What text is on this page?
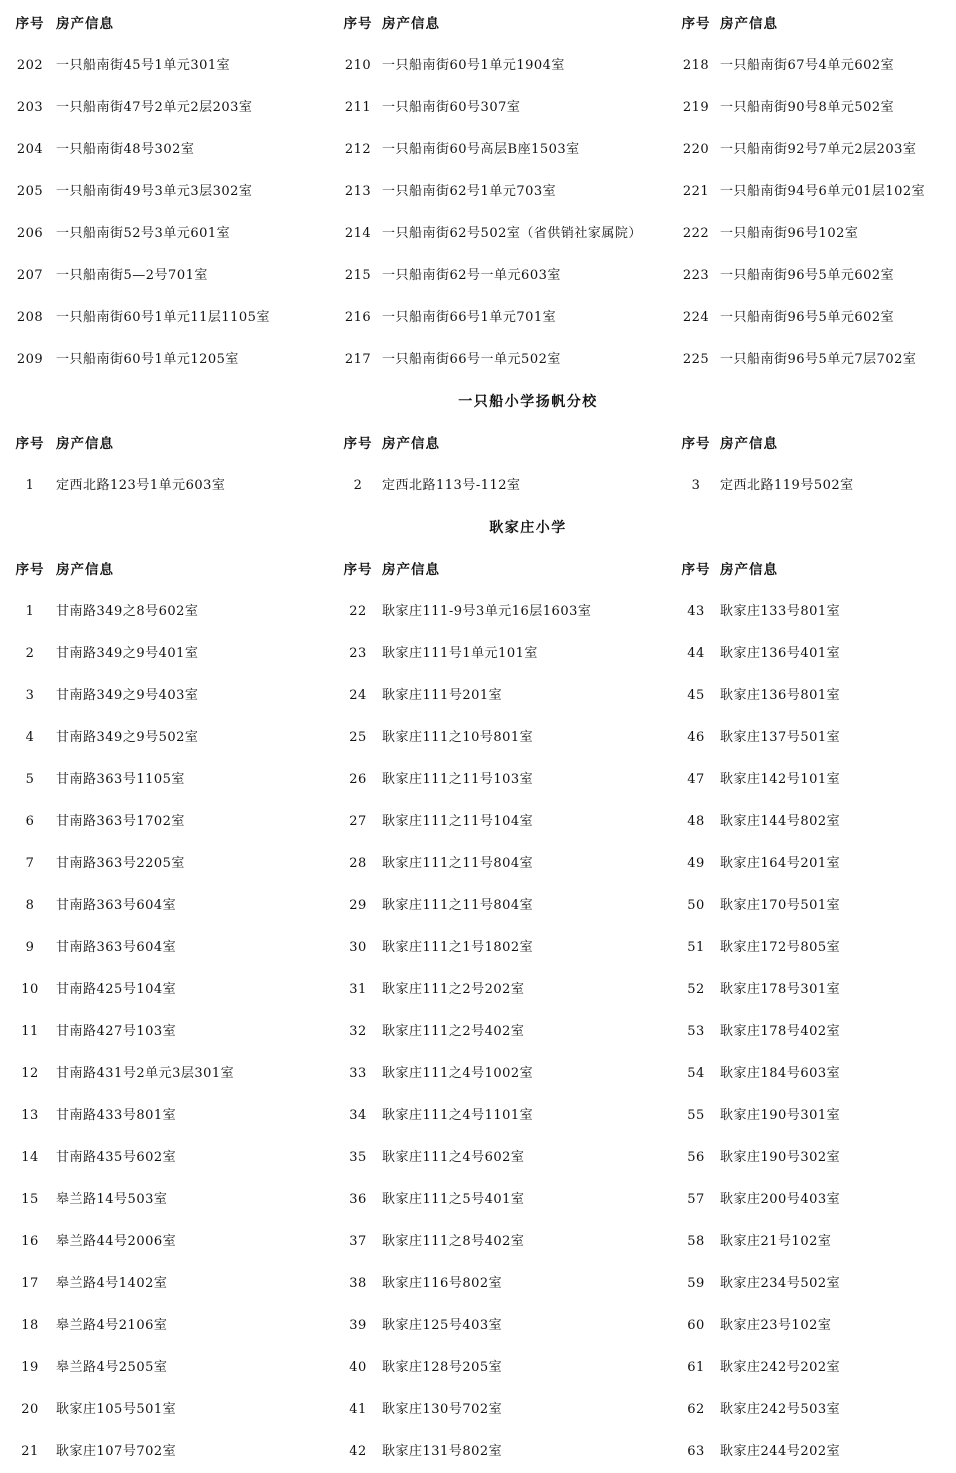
序号 房产信息	序号 房产信息	序号 房产信息
202 一只船南街45号1单元301室	210 一只船南街60号1单元1904室	218 一只船南街67号4单元602室
203 一只船南街47号2单元2层203室	211 一只船南街60号307室	219 一只船南街90号8单元502室
204 一只船南街48号302室	212 一只船南街60号高层B座1503室	220 一只船南街92号7单元2层203室
205 一只船南街49号3单元3层302室	213 一只船南街62号1单元703室	221 一只船南街94号6单元01层102室
206 一只船南街52号3单元601室	214 一只船南街62号502室（省供销社家属院）	222 一只船南街96号102室
207 一只船南街5—2号701室	215 一只船南街62号一单元603室	223 一只船南街96号5单元602室
208 一只船南街60号1单元11层1105室	216 一只船南街66号1单元701室	224 一只船南街96号5单元602室
209 一只船南街60号1单元1205室	217 一只船南街66号一单元502室	225 一只船南街96号5单元7层702室
一只船小学扬帆分校
序号 房产信息	序号 房产信息	序号 房产信息
1	定西北路123号1单元603室	2	定西北路113号-112室	3	定西北路119号502室
耿家庄小学
序号 房产信息	序号 房产信息	序号 房产信息
1	甘南路349之8号602室	22	耿家庄111-9号3单元16层1603室	43	耿家庄133号801室
2	甘南路349之9号401室	23	耿家庄111号1单元101室	44	耿家庄136号401室
3	甘南路349之9号403室	24	耿家庄111号201室	45	耿家庄136号801室
4	甘南路349之9号502室	25	耿家庄111之10号801室	46	耿家庄137号501室
5	甘南路363号1105室	26	耿家庄111之11号103室	47	耿家庄142号101室
6	甘南路363号1702室	27	耿家庄111之11号104室	48	耿家庄144号802室
7	甘南路363号2205室	28	耿家庄111之11号804室	49	耿家庄164号201室
8	甘南路363号604室	29	耿家庄111之11号804室	50	耿家庄170号501室
9	甘南路363号604室	30	耿家庄111之1号1802室	51	耿家庄172号805室
10	甘南路425号104室	31	耿家庄111之2号202室	52	耿家庄178号301室
11	甘南路427号103室	32	耿家庄111之2号402室	53	耿家庄178号402室
12	甘南路431号2单元3层301室	33	耿家庄111之4号1002室	54	耿家庄184号603室
13	甘南路433号801室	34	耿家庄111之4号1101室	55	耿家庄190号301室
14	甘南路435号602室	35	耿家庄111之4号602室	56	耿家庄190号302室
15	皋兰路14号503室	36	耿家庄111之5号401室	57	耿家庄200号403室
16	皋兰路44号2006室	37	耿家庄111之8号402室	58	耿家庄21号102室
17	皋兰路4号1402室	38	耿家庄116号802室	59	耿家庄234号502室
18	皋兰路4号2106室	39	耿家庄125号403室	60	耿家庄23号102室
19	皋兰路4号2505室	40	耿家庄128号205室	61	耿家庄242号202室
20	耿家庄105号501室	41	耿家庄130号702室	62	耿家庄242号503室
21	耿家庄107号702室	42	耿家庄131号802室	63	耿家庄244号202室
